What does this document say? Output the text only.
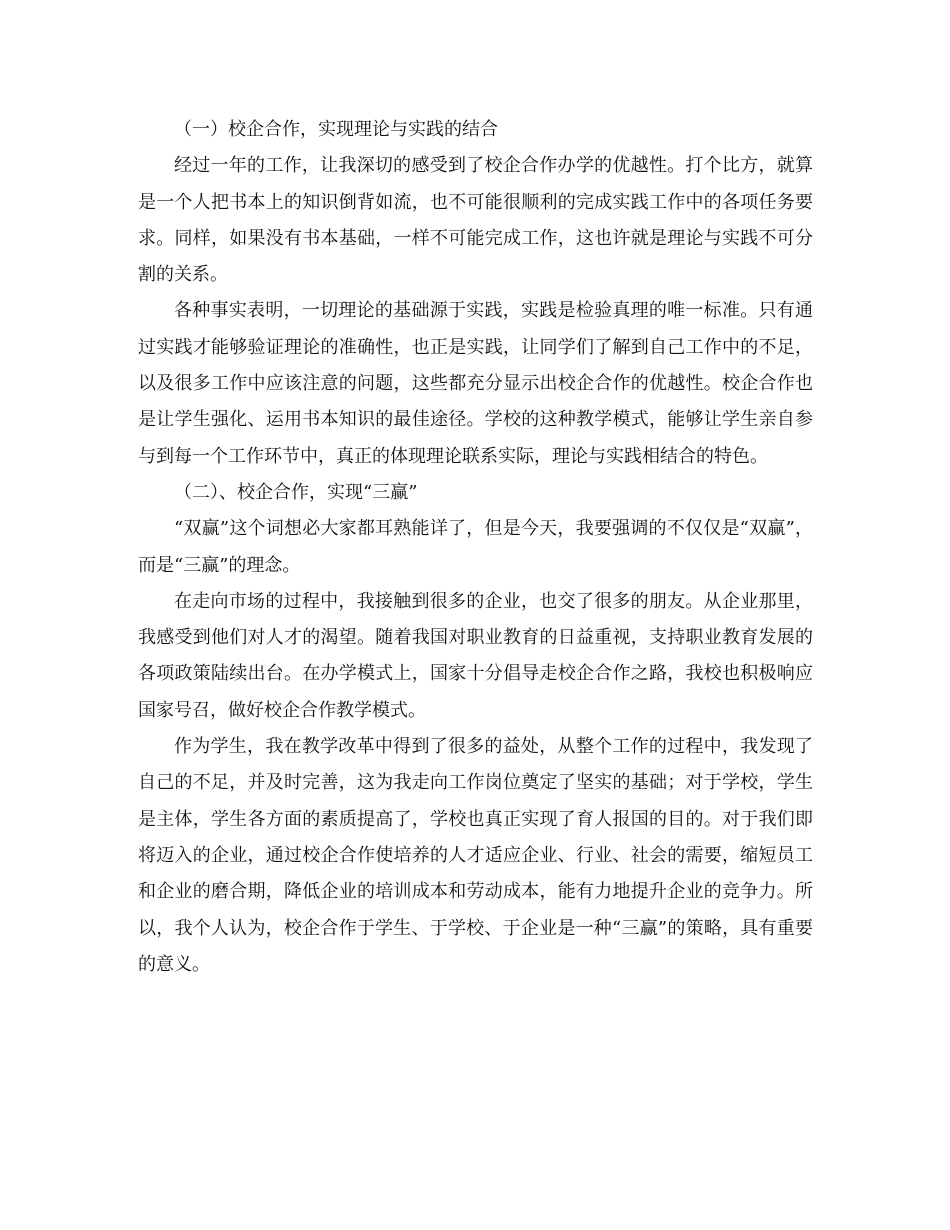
（一）校企合作，实现理论与实践的结合

经过一年的工作，让我深切的感受到了校企合作办学的优越性。打个比方，就算是一个人把书本上的知识倒背如流，也不可能很顺利的完成实践工作中的各项任务要求。同样，如果没有书本基础，一样不可能完成工作，这也许就是理论与实践不可分割的关系。

各种事实表明，一切理论的基础源于实践，实践是检验真理的唯一标准。只有通过实践才能够验证理论的准确性，也正是实践，让同学们了解到自己工作中的不足，以及很多工作中应该注意的问题，这些都充分显示出校企合作的优越性。校企合作也是让学生强化、运用书本知识的最佳途径。学校的这种教学模式，能够让学生亲自参与到每一个工作环节中，真正的体现理论联系实际，理论与实践相结合的特色。

（二）、校企合作，实现“三赢”

“双赢”这个词想必大家都耳熟能详了，但是今天，我要强调的不仅仅是“双赢”，而是“三赢”的理念。

在走向市场的过程中，我接触到很多的企业，也交了很多的朋友。从企业那里，我感受到他们对人才的渴望。随着我国对职业教育的日益重视，支持职业教育发展的各项政策陆续出台。在办学模式上，国家十分倡导走校企合作之路，我校也积极响应国家号召，做好校企合作教学模式。

作为学生，我在教学改革中得到了很多的益处，从整个工作的过程中，我发现了自己的不足，并及时完善，这为我走向工作岗位奠定了坚实的基础；对于学校，学生是主体，学生各方面的素质提高了，学校也真正实现了育人报国的目的。对于我们即将迈入的企业，通过校企合作使培养的人才适应企业、行业、社会的需要，缩短员工和企业的磨合期，降低企业的培训成本和劳动成本，能有力地提升企业的竞争力。所以，我个人认为，校企合作于学生、于学校、于企业是一种“三赢”的策略，具有重要的意义。
